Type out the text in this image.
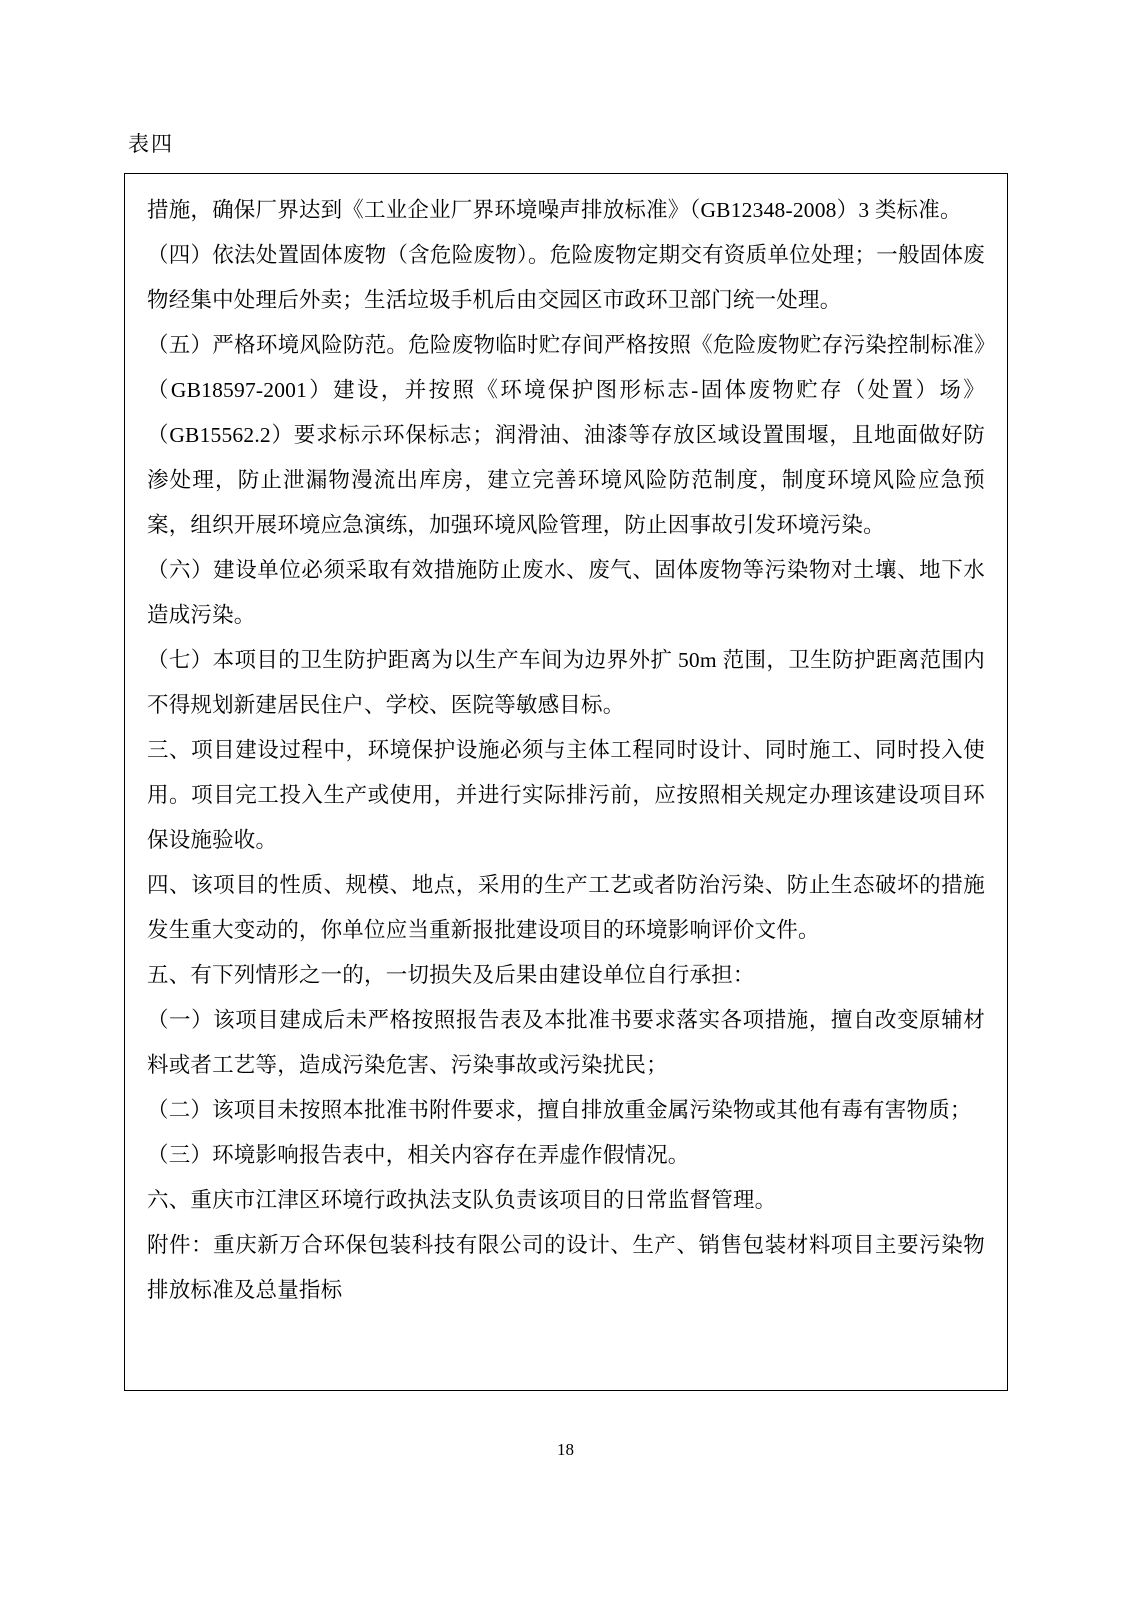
表四

措施，确保厂界达到《工业企业厂界环境噪声排放标准》（GB12348-2008）3 类标准。

（四）依法处置固体废物（含危险废物）。危险废物定期交有资质单位处理；一般固体废物经集中处理后外卖；生活垃圾手机后由交园区市政环卫部门统一处理。

（五）严格环境风险防范。危险废物临时贮存间严格按照《危险废物贮存污染控制标准》（GB18597-2001）建设，并按照《环境保护图形标志-固体废物贮存（处置）场》（GB15562.2）要求标示环保标志；润滑油、油漆等存放区域设置围堰，且地面做好防渗处理，防止泄漏物漫流出库房，建立完善环境风险防范制度，制度环境风险应急预案，组织开展环境应急演练，加强环境风险管理，防止因事故引发环境污染。

（六）建设单位必须采取有效措施防止废水、废气、固体废物等污染物对土壤、地下水造成污染。

（七）本项目的卫生防护距离为以生产车间为边界外扩 50m 范围，卫生防护距离范围内不得规划新建居民住户、学校、医院等敏感目标。

三、项目建设过程中，环境保护设施必须与主体工程同时设计、同时施工、同时投入使用。项目完工投入生产或使用，并进行实际排污前，应按照相关规定办理该建设项目环保设施验收。

四、该项目的性质、规模、地点，采用的生产工艺或者防治污染、防止生态破坏的措施发生重大变动的，你单位应当重新报批建设项目的环境影响评价文件。

五、有下列情形之一的，一切损失及后果由建设单位自行承担：

（一）该项目建成后未严格按照报告表及本批准书要求落实各项措施，擅自改变原辅材料或者工艺等，造成污染危害、污染事故或污染扰民；

（二）该项目未按照本批准书附件要求，擅自排放重金属污染物或其他有毒有害物质；

（三）环境影响报告表中，相关内容存在弄虚作假情况。

六、重庆市江津区环境行政执法支队负责该项目的日常监督管理。

附件：重庆新万合环保包装科技有限公司的设计、生产、销售包装材料项目主要污染物排放标准及总量指标

18
